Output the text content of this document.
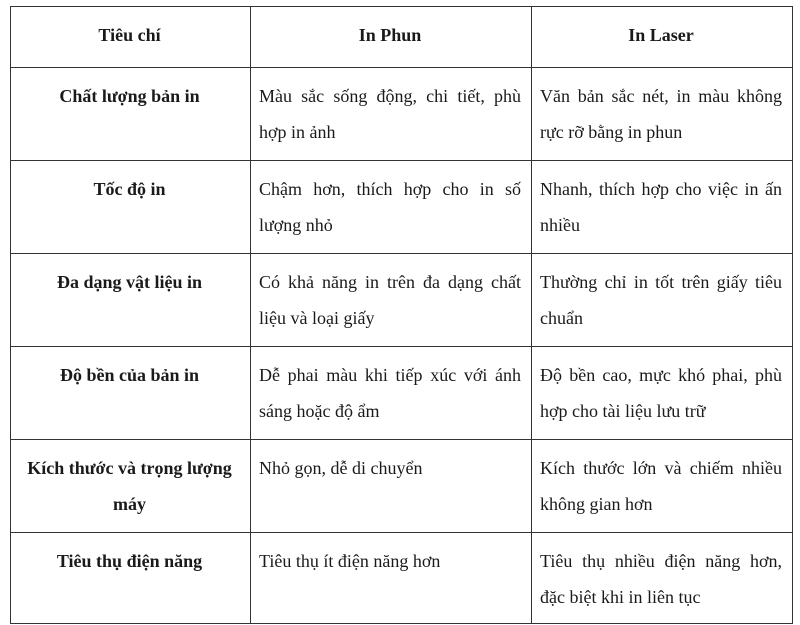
Tiêu chí	In Phun	In Laser
Chất lượng bản in	Màu sắc sống động, chi tiết, phù hợp in ảnh	Văn bản sắc nét, in màu không rực rỡ bằng in phun
Tốc độ in	Chậm hơn, thích hợp cho in số lượng nhỏ	Nhanh, thích hợp cho việc in ấn nhiều
Đa dạng vật liệu in	Có khả năng in trên đa dạng chất liệu và loại giấy	Thường chỉ in tốt trên giấy tiêu chuẩn
Độ bền của bản in	Dễ phai màu khi tiếp xúc với ánh sáng hoặc độ ẩm	Độ bền cao, mực khó phai, phù hợp cho tài liệu lưu trữ
Kích thước và trọng lượng máy	Nhỏ gọn, dễ di chuyển	Kích thước lớn và chiếm nhiều không gian hơn
Tiêu thụ điện năng	Tiêu thụ ít điện năng hơn	Tiêu thụ nhiều điện năng hơn, đặc biệt khi in liên tục
